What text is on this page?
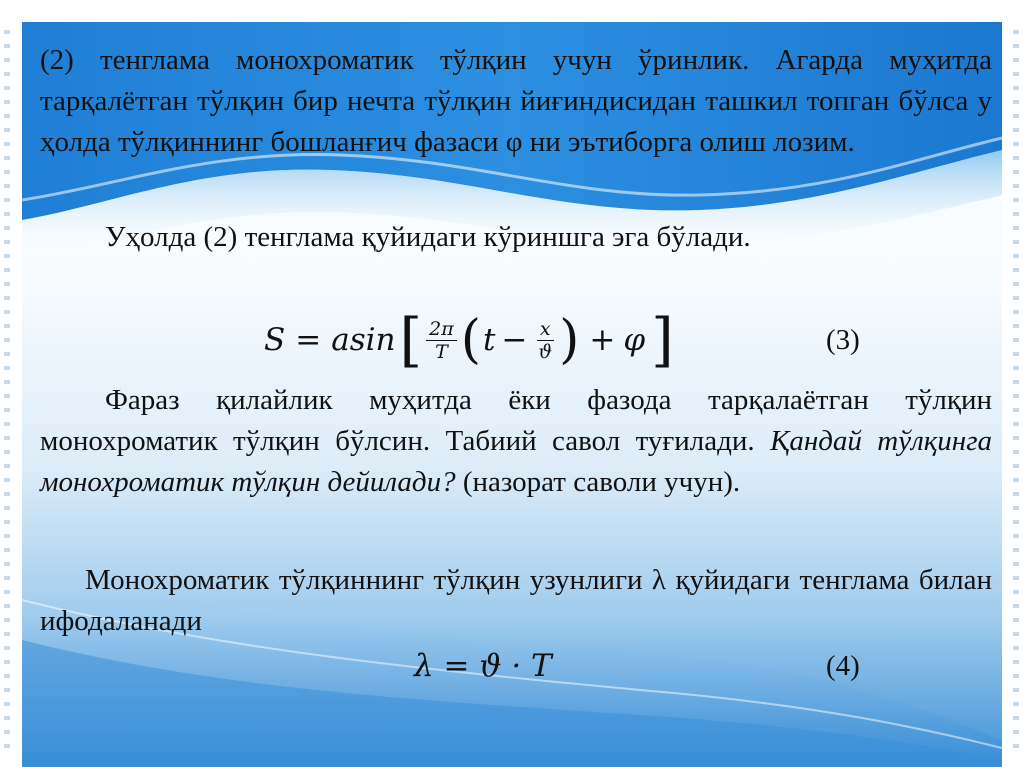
(2) тенглама монохроматик тўлқин учун ўринлик. Агарда муҳитда тарқалётган тўлқин бир нечта тўлқин йиғиндисидан ташкил топган бўлса у ҳолда тўлқиннинг бошланғич фазаси φ ни эътиборга олиш лозим.

Уҳолда (2) тенглама қуйидаги кўриншга эга бўлади.

S = asin [ $\frac{2\pi}{T}$ ( $t - \frac{x}{ϑ}$ ) + φ ]	(3)

Фараз қилайлик муҳитда ёки фазода тарқалаётган тўлқин монохроматик тўлқин бўлсин. Табиий савол туғилади. Қандай тўлқинга монохроматик тўлқин дейилади? (назорат саволи учун).

Монохроматик тўлқиннинг тўлқин узунлиги λ қуйидаги тенглама билан ифодаланади

λ = ϑ · T	(4)
